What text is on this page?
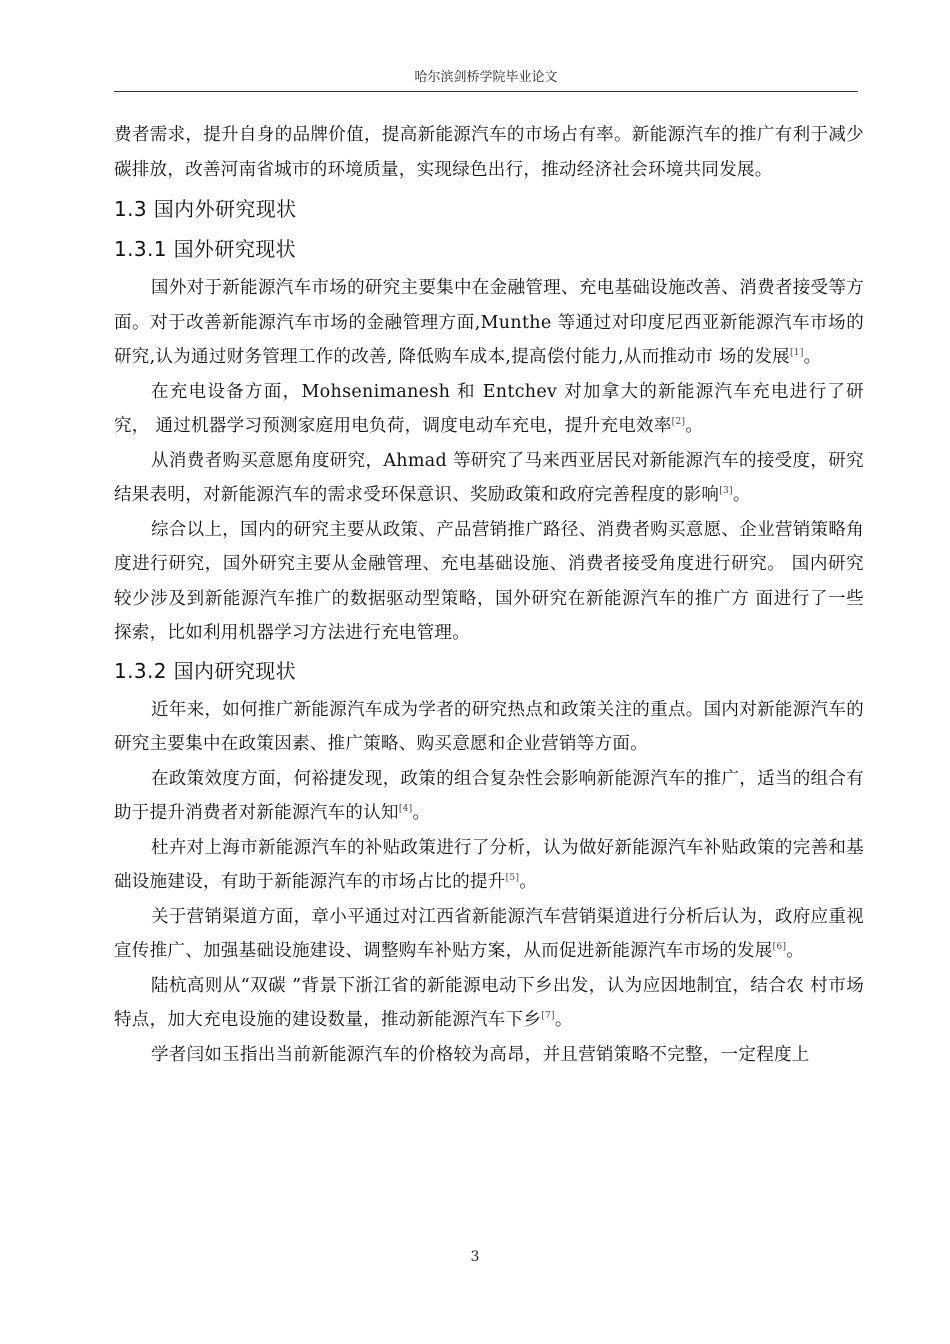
哈尔滨剑桥学院毕业论文

费者需求，提升自身的品牌价值，提高新能源汽车的市场占有率。新能源汽车的推广有利于减少碳排放，改善河南省城市的环境质量，实现绿色出行，推动经济社会环境共同发展。

1.3 国内外研究现状
1.3.1 国外研究现状

国外对于新能源汽车市场的研究主要集中在金融管理、充电基础设施改善、消费者接受等方面。对于改善新能源汽车市场的金融管理方面,Munthe 等通过对印度尼西亚新能源汽车市场的研究,认为通过财务管理工作的改善, 降低购车成本,提高偿付能力,从而推动市 场的发展[1]。

在充电设备方面，Mohsenimanesh 和 Entchev 对加拿大的新能源汽车充电进行了研究， 通过机器学习预测家庭用电负荷，调度电动车充电，提升充电效率[2]。

从消费者购买意愿角度研究，Ahmad 等研究了马来西亚居民对新能源汽车的接受度，研究结果表明，对新能源汽车的需求受环保意识、奖励政策和政府完善程度的影响[3]。

综合以上，国内的研究主要从政策、产品营销推广路径、消费者购买意愿、企业营销策略角度进行研究，国外研究主要从金融管理、充电基础设施、消费者接受角度进行研究。 国内研究较少涉及到新能源汽车推广的数据驱动型策略，国外研究在新能源汽车的推广方 面进行了一些探索，比如利用机器学习方法进行充电管理。

1.3.2 国内研究现状

近年来，如何推广新能源汽车成为学者的研究热点和政策关注的重点。国内对新能源汽车的研究主要集中在政策因素、推广策略、购买意愿和企业营销等方面。

在政策效度方面，何裕捷发现，政策的组合复杂性会影响新能源汽车的推广，适当的组合有助于提升消费者对新能源汽车的认知[4]。

杜卉对上海市新能源汽车的补贴政策进行了分析，认为做好新能源汽车补贴政策的完善和基础设施建设，有助于新能源汽车的市场占比的提升[5]。

关于营销渠道方面，章小平通过对江西省新能源汽车营销渠道进行分析后认为，政府应重视宣传推广、加强基础设施建设、调整购车补贴方案，从而促进新能源汽车市场的发展[6]。

陆杭高则从“双碳 ”背景下浙江省的新能源电动下乡出发，认为应因地制宜，结合农 村市场特点，加大充电设施的建设数量，推动新能源汽车下乡[7]。

学者闫如玉指出当前新能源汽车的价格较为高昂，并且营销策略不完整，一定程度上

3
